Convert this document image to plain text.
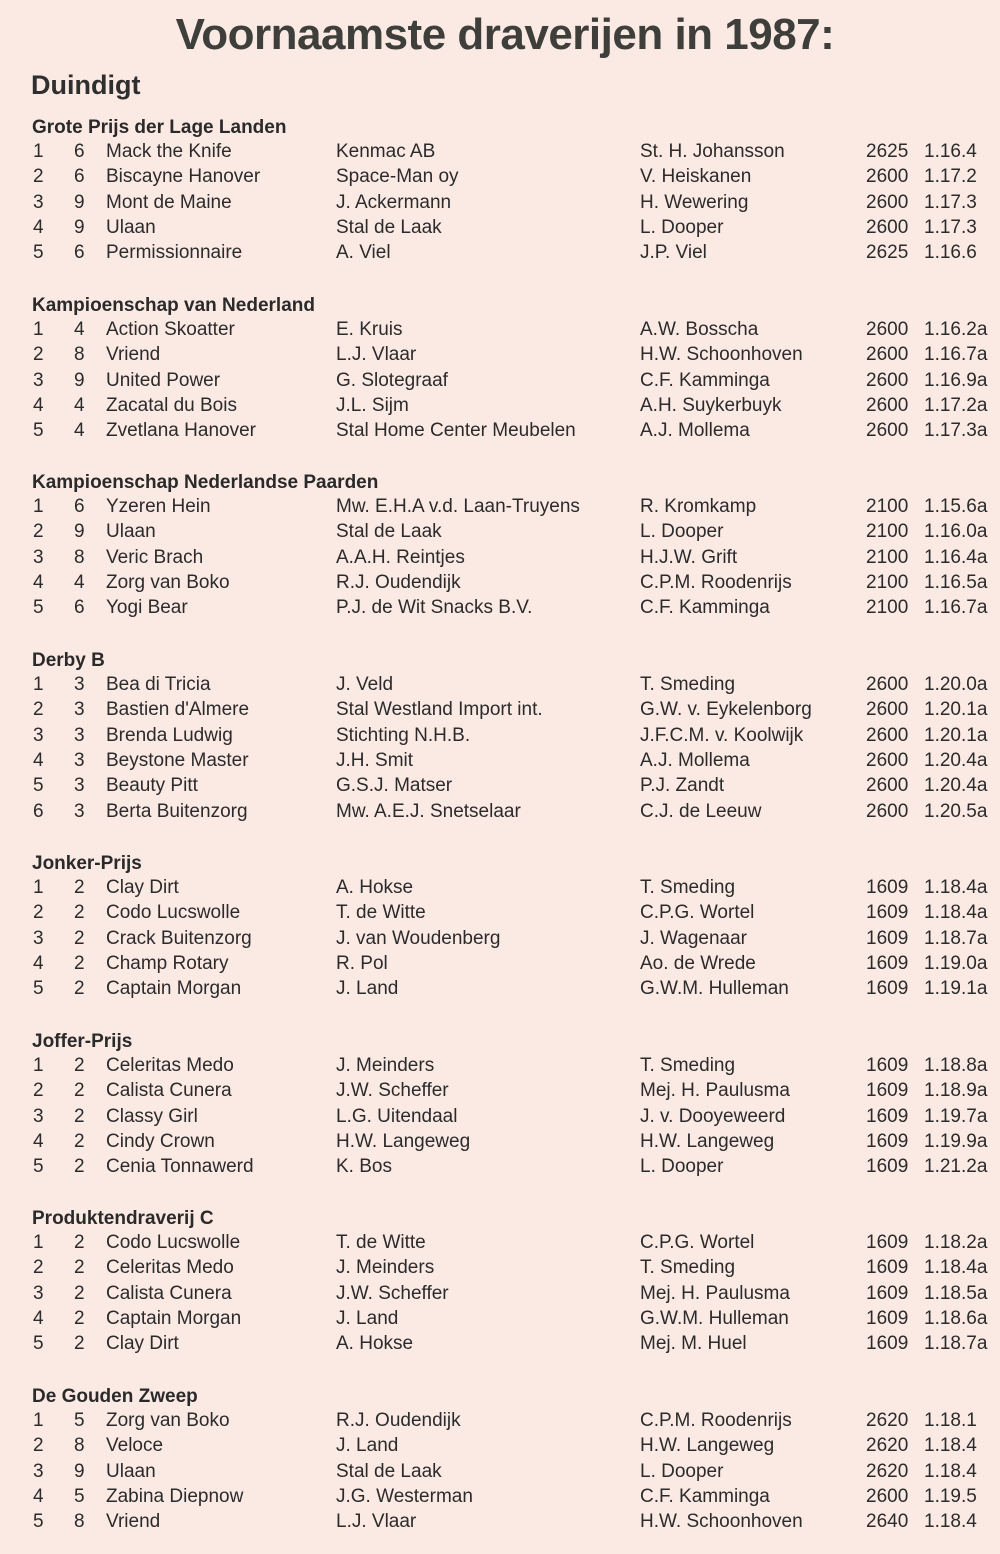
Voornaamste draverijen in 1987:
Duindigt
Grote Prijs der Lage Landen
1 6 Mack the Knife	Kenmac AB	St. H. Johansson	2625 1.16.4
2 6 Biscayne Hanover	Space-Man oy	V. Heiskanen	2600 1.17.2
3 9 Mont de Maine	J. Ackermann	H. Wewering	2600 1.17.3
4 9 Ulaan	Stal de Laak	L. Dooper	2600 1.17.3
5 6 Permissionnaire	A. Viel	J.P. Viel	2625 1.16.6
Kampioenschap van Nederland
1 4 Action Skoatter	E. Kruis	A.W. Bosscha	2600 1.16.2a
2 8 Vriend	L.J. Vlaar	H.W. Schoonhoven	2600 1.16.7a
3 9 United Power	G. Slotegraaf	C.F. Kamminga	2600 1.16.9a
4 4 Zacatal du Bois	J.L. Sijm	A.H. Suykerbuyk	2600 1.17.2a
5 4 Zvetlana Hanover	Stal Home Center Meubelen	A.J. Mollema	2600 1.17.3a
Kampioenschap Nederlandse Paarden
1 6 Yzeren Hein	Mw. E.H.A v.d. Laan-Truyens	R. Kromkamp	2100 1.15.6a
2 9 Ulaan	Stal de Laak	L. Dooper	2100 1.16.0a
3 8 Veric Brach	A.A.H. Reintjes	H.J.W. Grift	2100 1.16.4a
4 4 Zorg van Boko	R.J. Oudendijk	C.P.M. Roodenrijs	2100 1.16.5a
5 6 Yogi Bear	P.J. de Wit Snacks B.V.	C.F. Kamminga	2100 1.16.7a
Derby B
1 3 Bea di Tricia	J. Veld	T. Smeding	2600 1.20.0a
2 3 Bastien d'Almere	Stal Westland Import int.	G.W. v. Eykelenborg	2600 1.20.1a
3 3 Brenda Ludwig	Stichting N.H.B.	J.F.C.M. v. Koolwijk	2600 1.20.1a
4 3 Beystone Master	J.H. Smit	A.J. Mollema	2600 1.20.4a
5 3 Beauty Pitt	G.S.J. Matser	P.J. Zandt	2600 1.20.4a
6 3 Berta Buitenzorg	Mw. A.E.J. Snetselaar	C.J. de Leeuw	2600 1.20.5a
Jonker-Prijs
1 2 Clay Dirt	A. Hokse	T. Smeding	1609 1.18.4a
2 2 Codo Lucswolle	T. de Witte	C.P.G. Wortel	1609 1.18.4a
3 2 Crack Buitenzorg	J. van Woudenberg	J. Wagenaar	1609 1.18.7a
4 2 Champ Rotary	R. Pol	Ao. de Wrede	1609 1.19.0a
5 2 Captain Morgan	J. Land	G.W.M. Hulleman	1609 1.19.1a
Joffer-Prijs
1 2 Celeritas Medo	J. Meinders	T. Smeding	1609 1.18.8a
2 2 Calista Cunera	J.W. Scheffer	Mej. H. Paulusma	1609 1.18.9a
3 2 Classy Girl	L.G. Uitendaal	J. v. Dooyeweerd	1609 1.19.7a
4 2 Cindy Crown	H.W. Langeweg	H.W. Langeweg	1609 1.19.9a
5 2 Cenia Tonnawerd	K. Bos	L. Dooper	1609 1.21.2a
Produktendraverij C
1 2 Codo Lucswolle	T. de Witte	C.P.G. Wortel	1609 1.18.2a
2 2 Celeritas Medo	J. Meinders	T. Smeding	1609 1.18.4a
3 2 Calista Cunera	J.W. Scheffer	Mej. H. Paulusma	1609 1.18.5a
4 2 Captain Morgan	J. Land	G.W.M. Hulleman	1609 1.18.6a
5 2 Clay Dirt	A. Hokse	Mej. M. Huel	1609 1.18.7a
De Gouden Zweep
1 5 Zorg van Boko	R.J. Oudendijk	C.P.M. Roodenrijs	2620 1.18.1
2 8 Veloce	J. Land	H.W. Langeweg	2620 1.18.4
3 9 Ulaan	Stal de Laak	L. Dooper	2620 1.18.4
4 5 Zabina Diepnow	J.G. Westerman	C.F. Kamminga	2600 1.19.5
5 8 Vriend	L.J. Vlaar	H.W. Schoonhoven	2640 1.18.4
